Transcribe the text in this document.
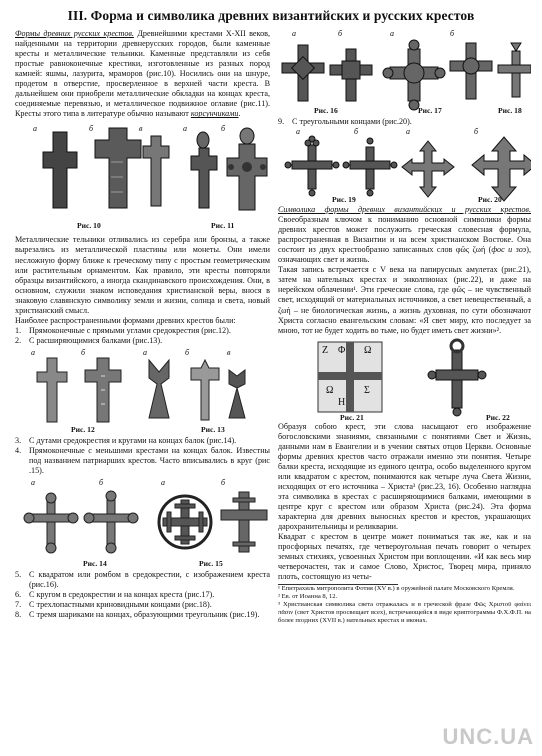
III. Форма и символика древних византийских и русских крестов

Формы древних русских крестов. Древнейшими крестами X-XII веков, найденными на территории древнерусских городов, были каменные кресты и металлические тельники. Каменные представляли из себя простые равноконечные крестики, изготовленные из разных пород камней: яшмы, лазурита, мраморов (рис.10). Носились они на шнуре, продетом в отверстие, просверленное в верхней части креста. В дальнейшем они приобрели металлические обкладки на концах креста, соединяемые перевязью, и металлическое подвижное оглавие (рис.11). Кресты этого типа в литературе обычно называют корсунчиками.

а	б	в	а	б
Рис. 10	Рис. 11

Металлические тельники отливались из серебра или бронзы, а также вырезались из металлической пластины или монеты. Они имели несложную форму ближе к греческому типу с простым геометрическим или растительным орнаментом. Как правило, эти кресты повторяли образцы византийского, а иногда скандинавского происхождения. Они, в основном, служили знаком исповедания христианской веры, внося в знаковую славянскую символику земли и жизни, солнца и света, новый христианский смысл.

Наиболее распространенными формами древних крестов были:

1. Прямоконечные с прямыми углами средокрестия (рис.12).
2. С расширяющимися балками (рис.13).
а	б	а	б	в
Рис. 12	Рис. 13
3. С дутами средокрестия и кругами на концах балок (рис.14).
4. Прямоконечные с меньшими крестами на концах балок. Известны под названием патриарших крестов. Часто вписывались в круг (рис .15).
а	б	а	б
Рис. 14	Рис. 15
5. С квадратом или ромбом в средокрестии, с изображением креста (рис.16).
6. С кругом в средокрестии и на концах креста (рис.17).
7. С трехлопастными криновидными концами (рис.18).
8. С тремя шариками на концах, образующими треугольник (рис.19).
а	б	а	б
Рис. 16	Рис. 17	Рис. 18
9. С треугольными концами (рис.20).
а	б	а	б
Рис. 19	Рис. 20

Символика формы древних византийских и русских крестов. Своеобразным ключом к пониманию основной символики формы древних крестов может послужить греческая словесная формула, распространенная в Византии и на всем христианском Востоке. Она состоит из двух крестообразно записанных слов φῶς ζωή (фос и зоэ), означающих свет и жизнь.

Такая запись встречается с V века на папирусных амулетах (рис.21), затем на нательных крестах и энколпионах (рис.22), и даже на нерейском облачении¹. Эти греческие слова, где φῶς – не чувственный свет, исходящий от материальных источников, а свет невещественный, а ζωή – не биологическая жизнь, а жизнь духовная, по сути обозначают Христа согласно евангельским словам: «Я свет миру, кто последует за мною, тот не будет ходить во тьме, но будет иметь свет жизни»².

Ζ Φ Ω
Σ
Ω
Η
Рис. 21	Рис. 22

Образуя собою крест, эти слова насыщают его изображение богословскими знаниями, связанными с понятиями Свет и Жизнь, данными нам в Евангелии и в учении святых отцов Церкви. Основные формы древних крестов часто отражали именно эти понятия. Четыре балки креста, исходящие из единого центра, особо выделенного кругом или квадратом с крестом, понимаются как четыре луча Света Жизни, исходящих от его источника – Христа³ (рис.23, 16). Особенно наглядна эта символика в крестах с расширяющимися балками, имеющими в центре круг с крестом или образом Христа (рис.24). Эта форма характерна для древних выносных крестов и крестов, украшающих дарохранительницы и реликварии.

Квадрат с крестом в центре может пониматься так же, как и на просфорных печатях, где четвероугольная печать говорит о четырех земных стихиях, усвоенных Христом при воплощении. «И как весь мир четверочастен, так и самое Слово, Христос, Творец мира, приняло плоть, состоящую из четы-

¹ Епитрахиль митрополита Фотия (XV в.) в оружейной палате Московского Кремля.

² Ев. от Иоанна 8, 12.

³ Христианская символика света отражалась и в греческой фразе Φῶς Χριστοῦ φαίνει πᾶσιν (свет Христов просвещает всех), встречающейся в виде криптограммы Φ.Χ.Φ.Π. на более поздних (XVII в.) нательных крестах и иконах.

UNC.UA
